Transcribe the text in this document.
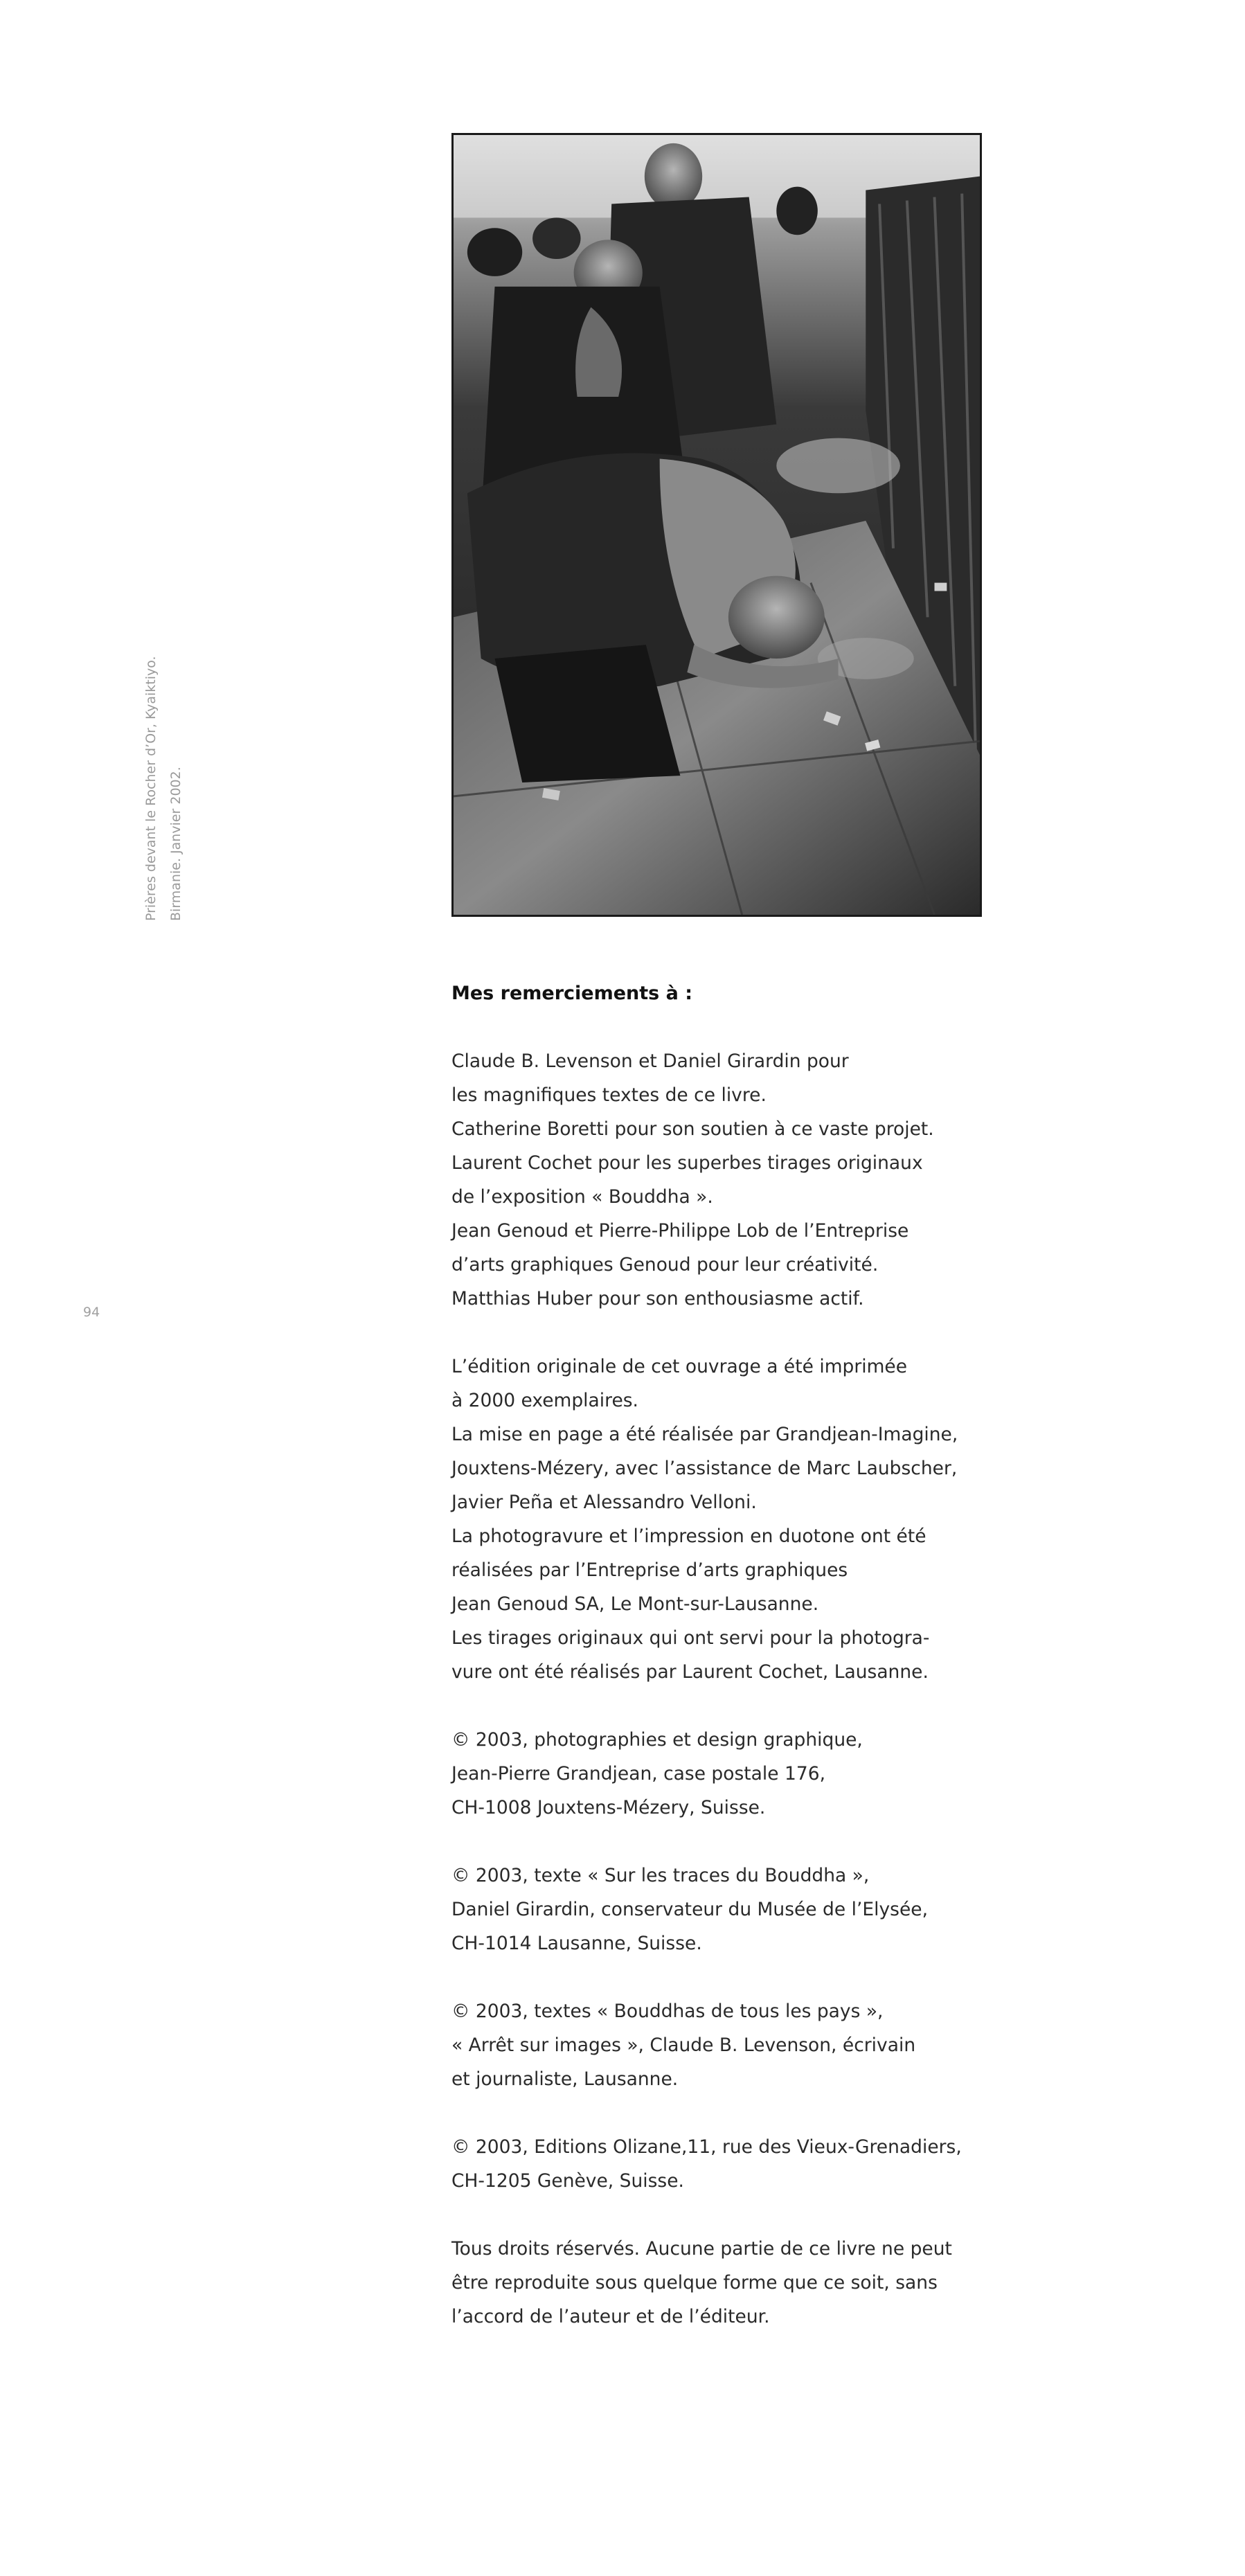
Prières devant le Rocher d’Or, Kyaiktiyo. Birmanie. Janvier 2002.
94
Mes remerciements à :
Claude B. Levenson et Daniel Girardin pour
les magnifiques textes de ce livre.
Catherine Boretti pour son soutien à ce vaste projet.
Laurent Cochet pour les superbes tirages originaux
de l’exposition « Bouddha ».
Jean Genoud et Pierre-Philippe Lob de l’Entreprise
d’arts graphiques Genoud pour leur créativité.
Matthias Huber pour son enthousiasme actif.
L’édition originale de cet ouvrage a été imprimée
à 2000 exemplaires.
La mise en page a été réalisée par Grandjean-Imagine,
Jouxtens-Mézery, avec l’assistance de Marc Laubscher,
Javier Peña et Alessandro Velloni.
La photogravure et l’impression en duotone ont été
réalisées par l’Entreprise d’arts graphiques
Jean Genoud SA, Le Mont-sur-Lausanne.
Les tirages originaux qui ont servi pour la photogra-
vure ont été réalisés par Laurent Cochet, Lausanne.
© 2003, photographies et design graphique,
Jean-Pierre Grandjean, case postale 176,
CH-1008 Jouxtens-Mézery, Suisse.
© 2003, texte « Sur les traces du Bouddha »,
Daniel Girardin, conservateur du Musée de l’Elysée,
CH-1014 Lausanne, Suisse.
© 2003, textes « Bouddhas de tous les pays »,
« Arrêt sur images », Claude B. Levenson, écrivain
et journaliste, Lausanne.
© 2003, Editions Olizane,11, rue des Vieux-Grenadiers,
CH-1205 Genève, Suisse.
Tous droits réservés. Aucune partie de ce livre ne peut
être reproduite sous quelque forme que ce soit, sans
l’accord de l’auteur et de l’éditeur.
